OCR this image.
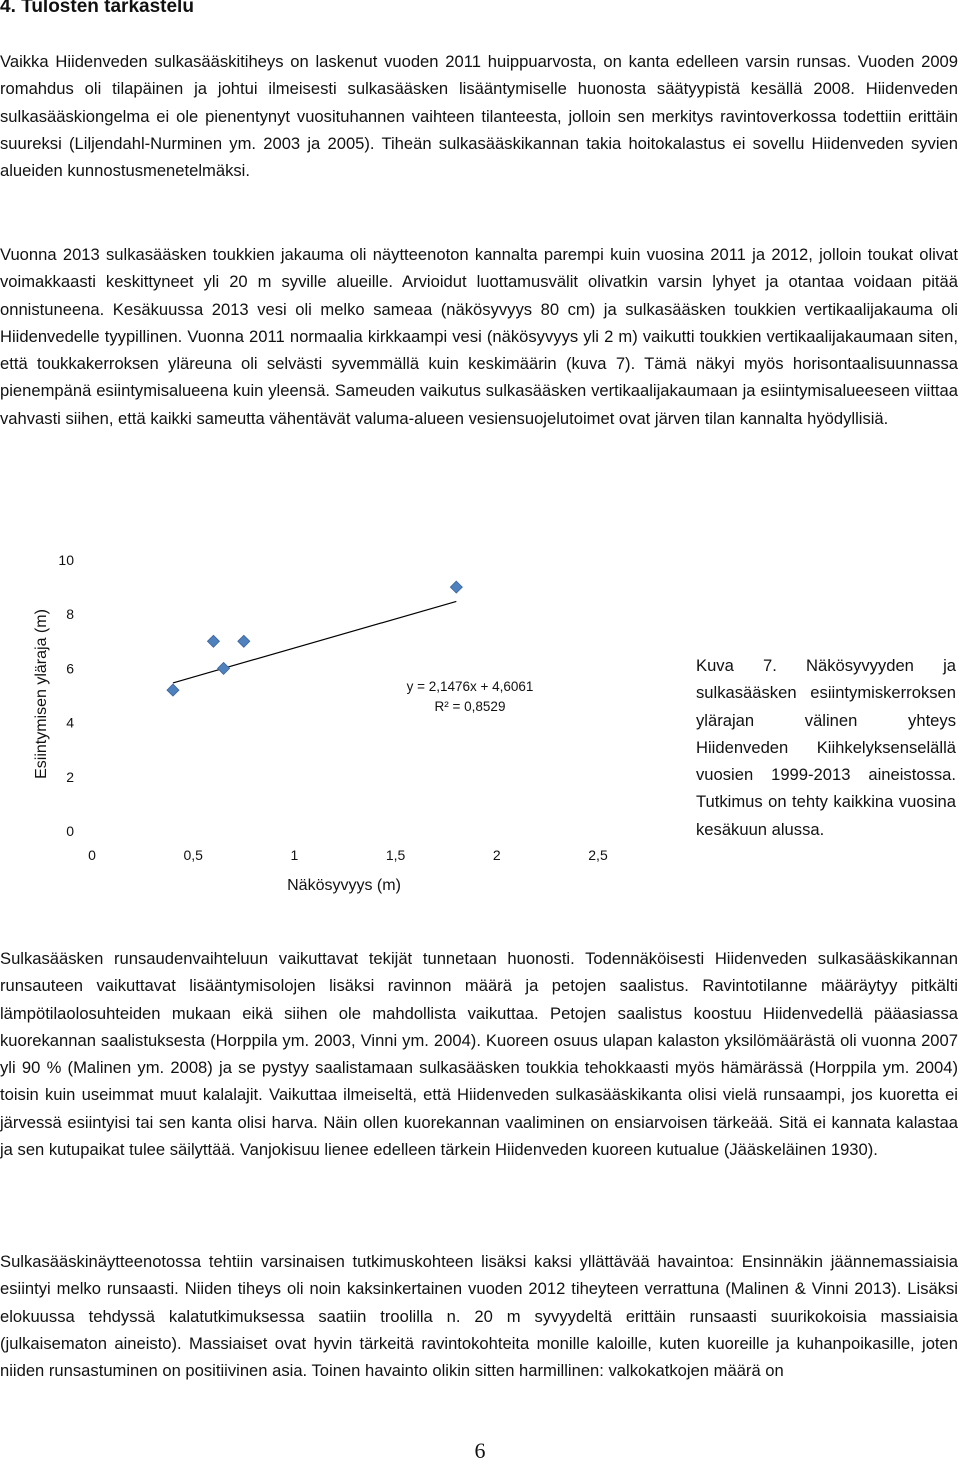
4. Tulosten tarkastelu

Vaikka Hiidenveden sulkasääskitiheys on laskenut vuoden 2011 huippuarvosta, on kanta edelleen varsin runsas. Vuoden 2009 romahdus oli tilapäinen ja johtui ilmeisesti sulkasääsken lisääntymiselle huonosta säätyypistä kesällä 2008. Hiidenveden sulkasääskiongelma ei ole pienentynyt vuosituhannen vaihteen tilanteesta, jolloin sen merkitys ravintoverkossa todettiin erittäin suureksi (Liljendahl-Nurminen ym. 2003 ja 2005). Tiheän sulkasääskikannan takia hoitokalastus ei sovellu Hiidenveden syvien alueiden kunnostusmenetelmäksi.

Vuonna 2013 sulkasääsken toukkien jakauma oli näytteenoton kannalta parempi kuin vuosina 2011 ja 2012, jolloin toukat olivat voimakkaasti keskittyneet yli 20 m syville alueille. Arvioidut luottamusvälit olivatkin varsin lyhyet ja otantaa voidaan pitää onnistuneena. Kesäkuussa 2013 vesi oli melko sameaa (näkösyvyys 80 cm) ja sulkasääsken toukkien vertikaalijakauma oli Hiidenvedelle tyypillinen. Vuonna 2011 normaalia kirkkaampi vesi (näkösyvyys yli 2 m) vaikutti toukkien vertikaalijakaumaan siten, että toukkakerroksen yläreuna oli selvästi syvemmällä kuin keskimäärin (kuva 7). Tämä näkyi myös horisontaalisuunnassa pienempänä esiintymisalueena kuin yleensä. Sameuden vaikutus sulkasääsken vertikaalijakaumaan ja esiintymisalueeseen viittaa vahvasti siihen, että kaikki sameutta vähentävät valuma-alueen vesiensuojelutoimet ovat järven tilan kannalta hyödyllisiä.

Esiintymisen yläraja (m)
Näkösyvyys (m)
0
2
4
6
8
10
0	0,5	1	1,5	2	2,5
y = 2,1476x + 4,6061
R² = 0,8529

Kuva 7. Näkösyvyyden ja sulkasääsken esiintymiskerroksen ylärajan välinen yhteys Hiidenveden Kiihkelyksenselällä vuosien 1999-2013 aineistossa. Tutkimus on tehty kaikkina vuosina kesäkuun alussa.

Sulkasääsken runsaudenvaihteluun vaikuttavat tekijät tunnetaan huonosti. Todennäköisesti Hiidenveden sulkasääskikannan runsauteen vaikuttavat lisääntymisolojen lisäksi ravinnon määrä ja petojen saalistus. Ravintotilanne määräytyy pitkälti lämpötilaolosuhteiden mukaan eikä siihen ole mahdollista vaikuttaa. Petojen saalistus koostuu Hiidenvedellä pääasiassa kuorekannan saalistuksesta (Horppila ym. 2003, Vinni ym. 2004). Kuoreen osuus ulapan kalaston yksilömäärästä oli vuonna 2007 yli 90 % (Malinen ym. 2008) ja se pystyy saalistamaan sulkasääsken toukkia tehokkaasti myös hämärässä (Horppila ym. 2004) toisin kuin useimmat muut kalalajit. Vaikuttaa ilmeiseltä, että Hiidenveden sulkasääskikanta olisi vielä runsaampi, jos kuoretta ei järvessä esiintyisi tai sen kanta olisi harva. Näin ollen kuorekannan vaaliminen on ensiarvoisen tärkeää. Sitä ei kannata kalastaa ja sen kutupaikat tulee säilyttää. Vanjokisuu lienee edelleen tärkein Hiidenveden kuoreen kutualue (Jääskeläinen 1930).

Sulkasääskinäytteenotossa tehtiin varsinaisen tutkimuskohteen lisäksi kaksi yllättävää havaintoa: Ensinnäkin jäännemassiaisia esiintyi melko runsaasti. Niiden tiheys oli noin kaksinkertainen vuoden 2012 tiheyteen verrattuna (Malinen & Vinni 2013). Lisäksi elokuussa tehdyssä kalatutkimuksessa saatiin troolilla n. 20 m syvyydeltä erittäin runsaasti suurikokoisia massiaisia (julkaisematon aineisto). Massiaiset ovat hyvin tärkeitä ravintokohteita monille kaloille, kuten kuoreille ja kuhanpoikasille, joten niiden runsastuminen on positiivinen asia. Toinen havainto olikin sitten harmillinen: valkokatkojen määrä on

6
